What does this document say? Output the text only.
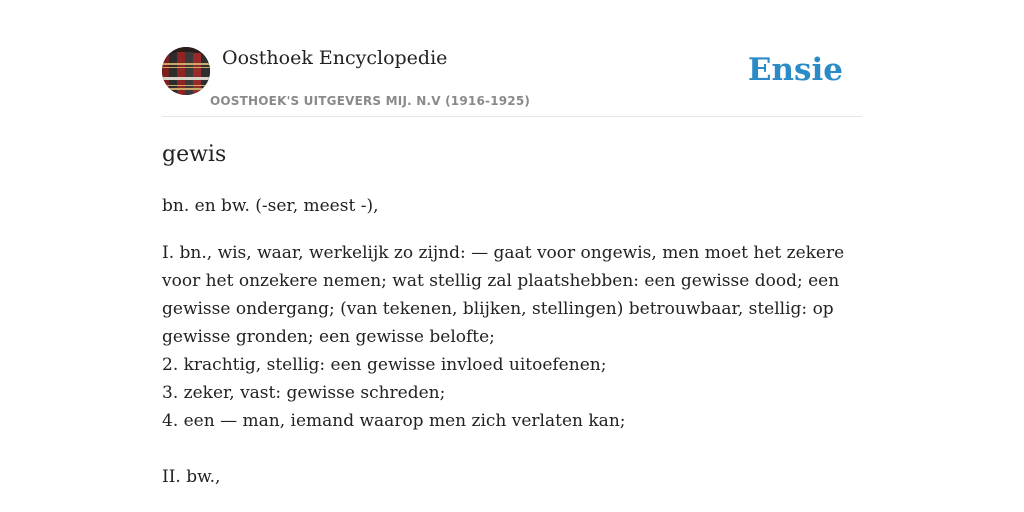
Oosthoek Encyclopedie
OOSTHOEK'S UITGEVERS MIJ. N.V (1916-1925)
Ensie
gewis

bn. en bw. (-ser, meest -),

I. bn., wis, waar, werkelijk zo zijnd: — gaat voor ongewis, men moet het zekere voor het onzekere nemen; wat stellig zal plaatshebben: een gewisse dood; een gewisse ondergang; (van tekenen, blijken, stellingen) betrouwbaar, stellig: op gewisse gronden; een gewisse belofte;

2. krachtig, stellig: een gewisse invloed uitoefenen;

3. zeker, vast: gewisse schreden;

4. een — man, iemand waarop men zich verlaten kan;

II. bw.,
